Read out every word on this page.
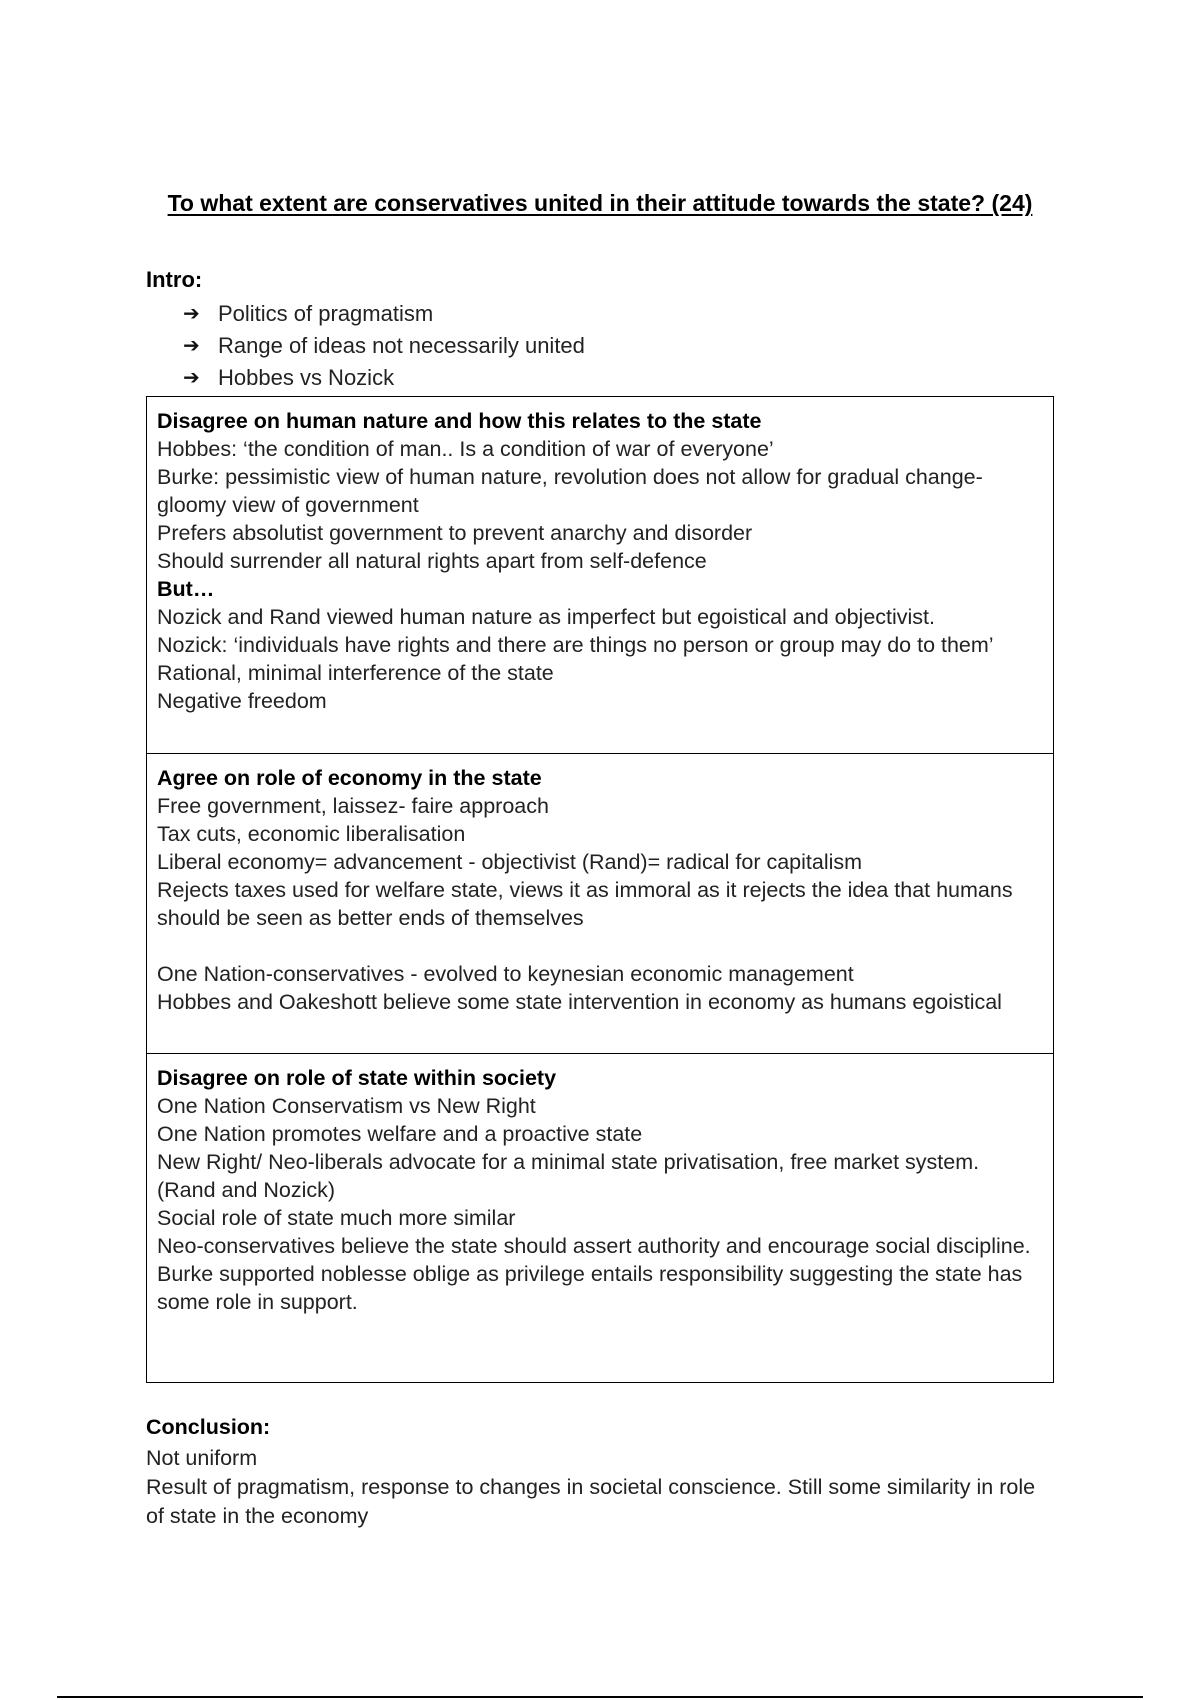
To what extent are conservatives united in their attitude towards the state? (24)
Intro:
➔ Politics of pragmatism
➔ Range of ideas not necessarily united
➔ Hobbes vs Nozick
Disagree on human nature and how this relates to the state
Hobbes: ‘the condition of man.. Is a condition of war of everyone’
Burke: pessimistic view of human nature, revolution does not allow for gradual change- gloomy view of government
Prefers absolutist government to prevent anarchy and disorder
Should surrender all natural rights apart from self-defence
But…
Nozick and Rand viewed human nature as imperfect but egoistical and objectivist.
Nozick: ‘individuals have rights and there are things no person or group may do to them’
Rational, minimal interference of the state
Negative freedom
Agree on role of economy in the state
Free government, laissez- faire approach
Tax cuts, economic liberalisation
Liberal economy= advancement - objectivist (Rand)= radical for capitalism
Rejects taxes used for welfare state, views it as immoral as it rejects the idea that humans should be seen as better ends of themselves
One Nation-conservatives - evolved to keynesian economic management
Hobbes and Oakeshott believe some state intervention in economy as humans egoistical
Disagree on role of state within society
One Nation Conservatism vs New Right
One Nation promotes welfare and a proactive state
New Right/ Neo-liberals advocate for a minimal state privatisation, free market system. (Rand and Nozick)
Social role of state much more similar
Neo-conservatives believe the state should assert authority and encourage social discipline.
Burke supported noblesse oblige as privilege entails responsibility suggesting the state has some role in support.
Conclusion:
Not uniform
Result of pragmatism, response to changes in societal conscience. Still some similarity in role of state in the economy
